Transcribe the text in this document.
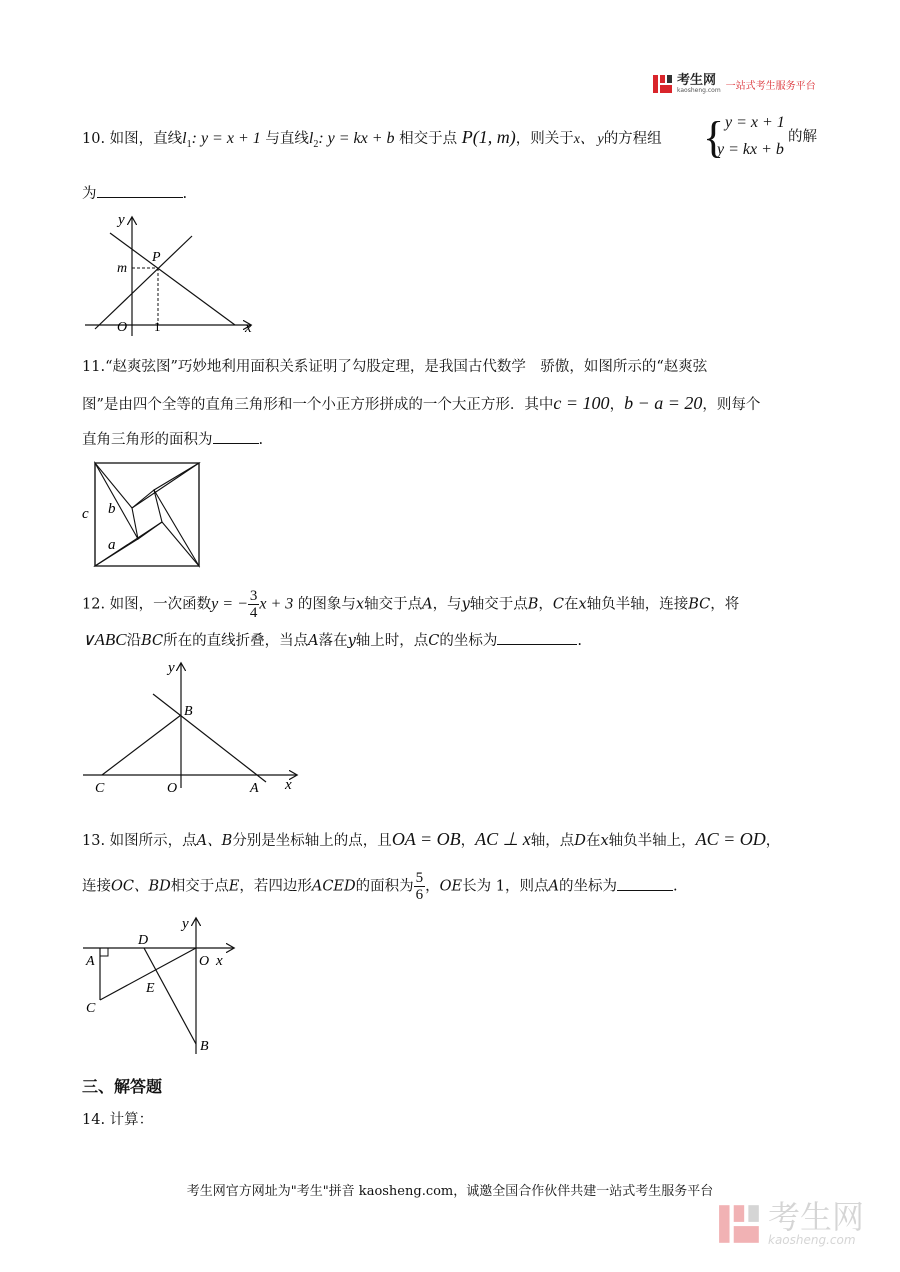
考生网
kaosheng.com 一站式考生服务平台
10. 如图，直线$l_1$: y = x + 1 与直线$l_2$: y = kx + b 相交于点 P(1, m)，则关于x、 y的方程组 { y = x + 1
y = kx + b
的解
为	.
y
x
O
P
m
1
11.“赵爽弦图”巧妙地利用面积关系证明了勾股定理，是我国古代数学　骄傲，如图所示的“赵爽弦
图”是由四个全等的直角三角形和一个小正方形拼成的一个大正方形．其中c = 100，b − a = 20，则每个
直角三角形的面积为	.
c b
a
12. 如图，一次函数y = − $\frac{3}{4}$ x + 3 的图象与x轴交于点A，与y轴交于点B，C在x轴负半轴，连接BC，将
∨ABC沿BC所在的直线折叠，当点A落在y轴上时，点C的坐标为	.
y
x
B
C	O	A
13. 如图所示，点A、B分别是坐标轴上的点，且OA = OB，AC ⊥ x轴，点D在x轴负半轴上，AC = OD，
连接OC、BD相交于点E，若四边形ACED的面积为 $\frac{5}{6}$ ，OE长为 1，则点A的坐标为	.
y
D
A	O x
E
C
B
三、解答题
14. 计算：
考生网官方网址为"考生"拼音 kaosheng.com，诚邀全国合作伙伴共建一站式考生服务平台
考生网
kaosheng.com
